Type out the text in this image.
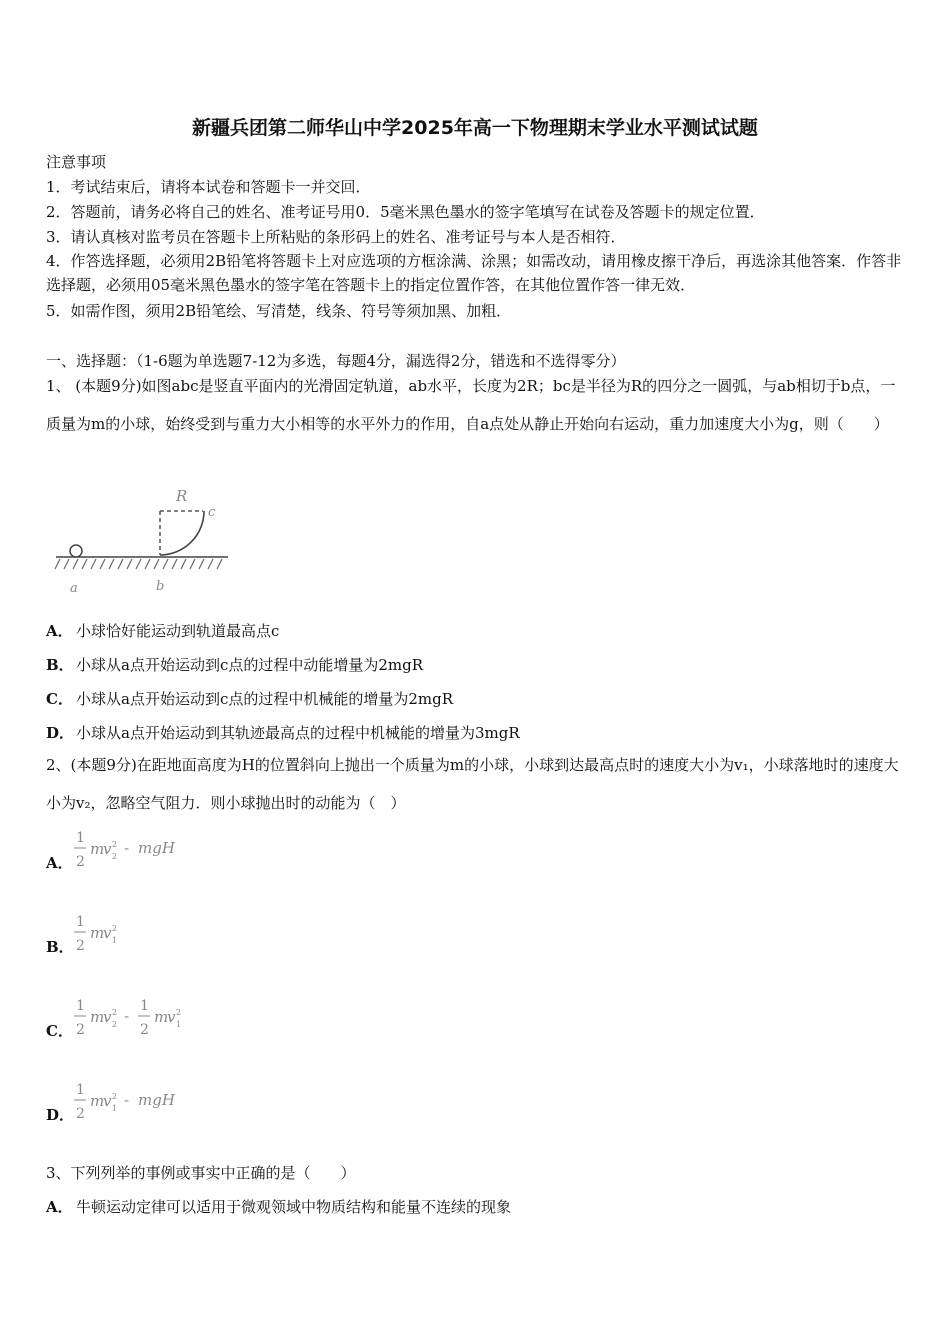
新疆兵团第二师华山中学2025年高一下物理期末学业水平测试试题
注意事项
1．考试结束后，请将本试卷和答题卡一并交回．
2．答题前，请务必将自己的姓名、准考证号用0．5毫米黑色墨水的签字笔填写在试卷及答题卡的规定位置．
3．请认真核对监考员在答题卡上所粘贴的条形码上的姓名、准考证号与本人是否相符．
4．作答选择题，必须用2B铅笔将答题卡上对应选项的方框涂满、涂黑；如需改动，请用橡皮擦干净后，再选涂其他答案．作答非选择题，必须用05毫米黑色墨水的签字笔在答题卡上的指定位置作答，在其他位置作答一律无效．
5．如需作图，须用2B铅笔绘、写清楚，线条、符号等须加黑、加粗．
一、选择题：（1-6题为单选题7-12为多选，每题4分，漏选得2分，错选和不选得零分）
1、 (本题9分)如图abc是竖直平面内的光滑固定轨道，ab水平，长度为2R；bc是半径为R的四分之一圆弧，与ab相切于b点，一质量为m的小球，始终受到与重力大小相等的水平外力的作用，自a点处从静止开始向右运动，重力加速度大小为g，则（　　）
R
c
a	b
A． 小球恰好能运动到轨道最高点c
B． 小球从a点开始运动到c点的过程中动能增量为2mgR
C． 小球从a点开始运动到c点的过程中机械能的增量为2mgR
D． 小球从a点开始运动到其轨迹最高点的过程中机械能的增量为3mgR
2、(本题9分)在距地面高度为H的位置斜向上抛出一个质量为m的小球，小球到达最高点时的速度大小为v₁，小球落地时的速度大小为v₂，忽略空气阻力．则小球抛出时的动能为（　）
A．
1
2
m
v 2
2 - mgH
B．
1
2
m
v 2
1
C．
1
2
m
v 2
2 -
1
2
m
v 2
1
D．
1
2
m
v 2
1 - mgH
3、下列列举的事例或事实中正确的是（　　）
A． 牛顿运动定律可以适用于微观领域中物质结构和能量不连续的现象
